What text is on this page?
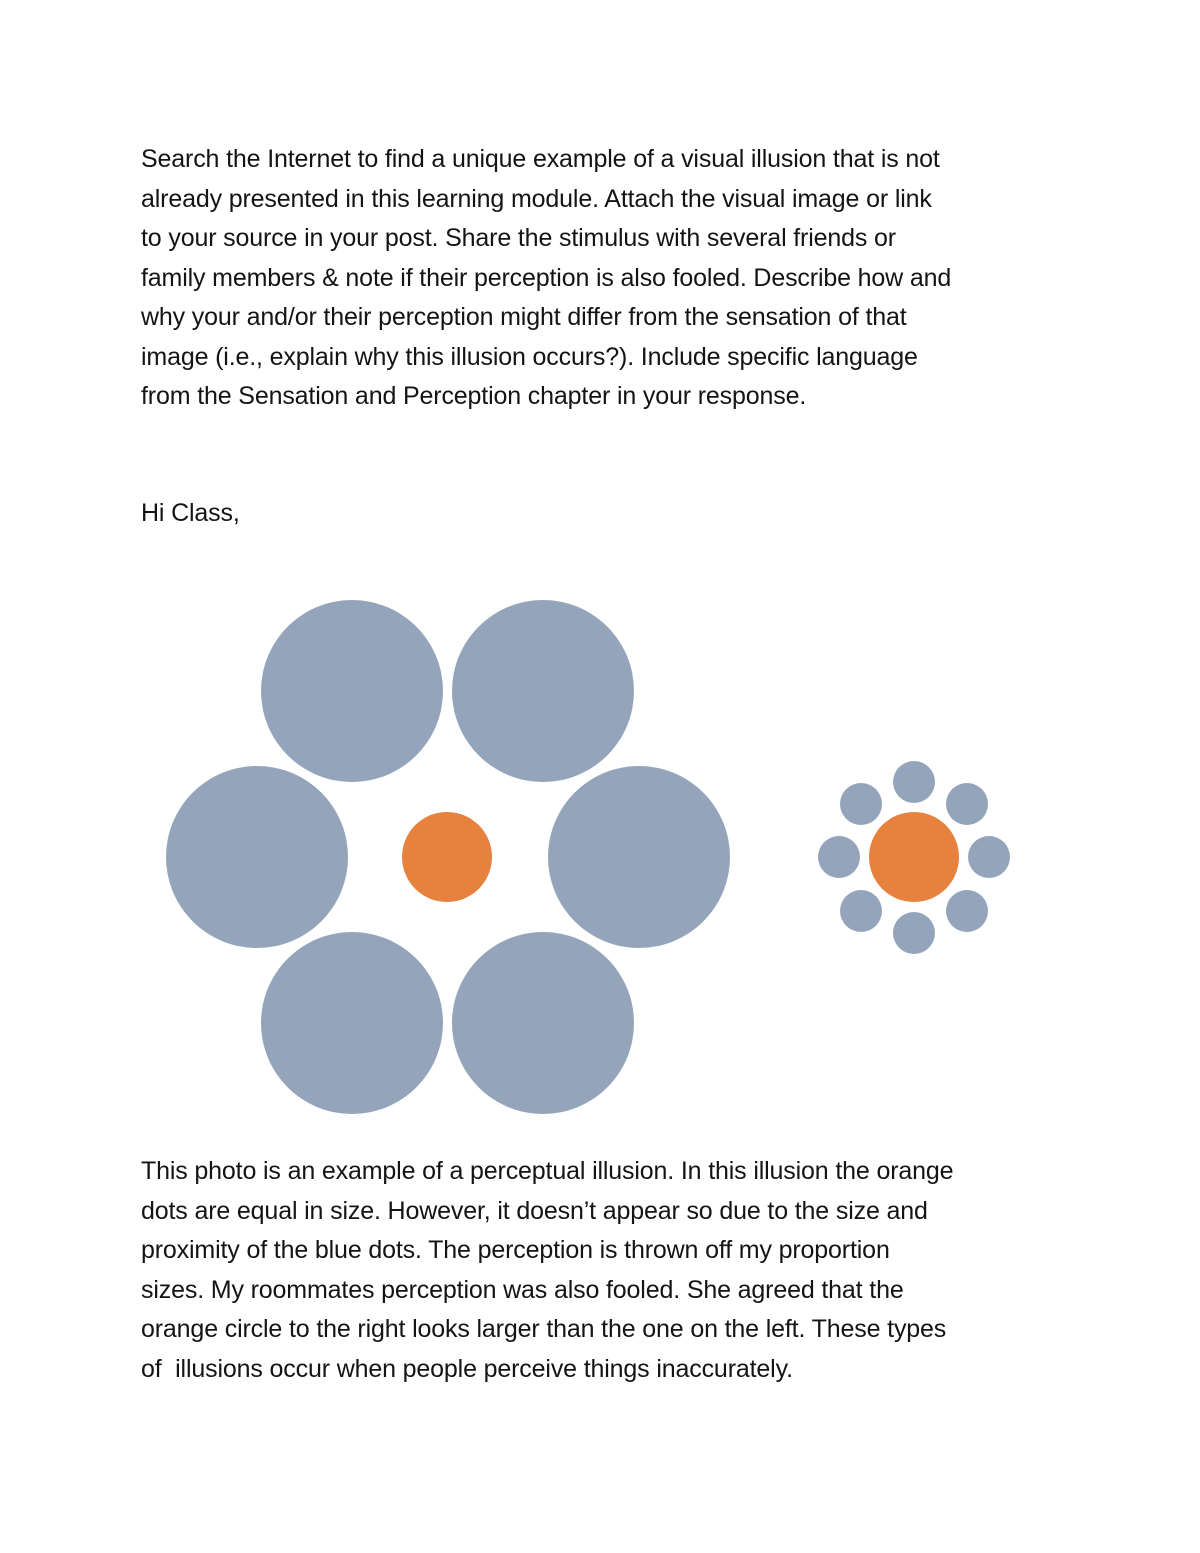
Search the Internet to find a unique example of a visual illusion that is not
already presented in this learning module. Attach the visual image or link
to your source in your post. Share the stimulus with several friends or
family members & note if their perception is also fooled. Describe how and
why your and/or their perception might differ from the sensation of that
image (i.e., explain why this illusion occurs?). Include specific language
from the Sensation and Perception chapter in your response.
Hi Class,
This photo is an example of a perceptual illusion. In this illusion the orange
dots are equal in size. However, it doesn’t appear so due to the size and
proximity of the blue dots. The perception is thrown off my proportion
sizes. My roommates perception was also fooled. She agreed that the
orange circle to the right looks larger than the one on the left. These types
of  illusions occur when people perceive things inaccurately.
